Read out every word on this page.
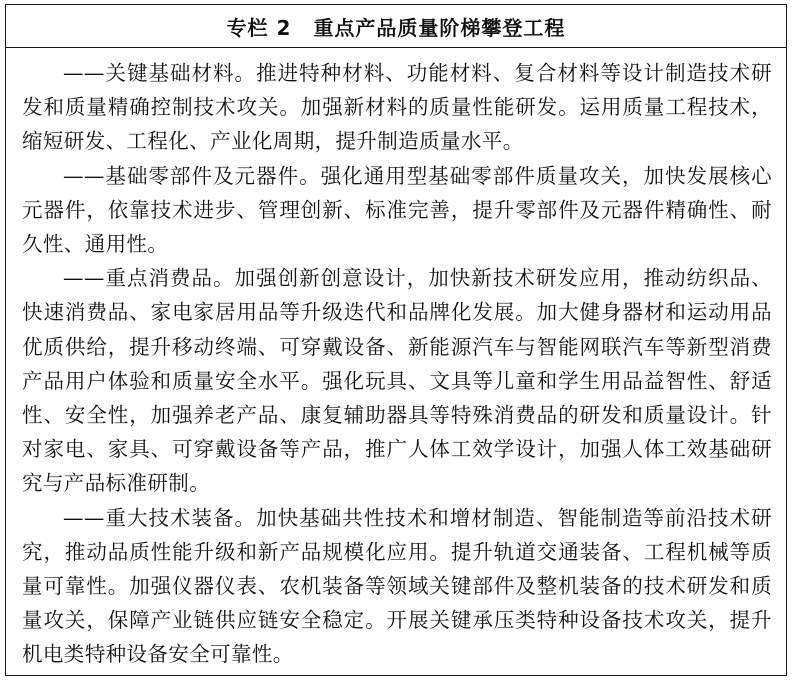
专栏 2 重点产品质量阶梯攀登工程

——关键基础材料。推进特种材料、功能材料、复合材料等设计制造技术研发和质量精确控制技术攻关。加强新材料的质量性能研发。运用质量工程技术，缩短研发、工程化、产业化周期，提升制造质量水平。

——基础零部件及元器件。强化通用型基础零部件质量攻关，加快发展核心元器件，依靠技术进步、管理创新、标准完善，提升零部件及元器件精确性、耐久性、通用性。

——重点消费品。加强创新创意设计，加快新技术研发应用，推动纺织品、快速消费品、家电家居用品等升级迭代和品牌化发展。加大健身器材和运动用品优质供给，提升移动终端、可穿戴设备、新能源汽车与智能网联汽车等新型消费产品用户体验和质量安全水平。强化玩具、文具等儿童和学生用品益智性、舒适性、安全性，加强养老产品、康复辅助器具等特殊消费品的研发和质量设计。针对家电、家具、可穿戴设备等产品，推广人体工效学设计，加强人体工效基础研究与产品标准研制。

——重大技术装备。加快基础共性技术和增材制造、智能制造等前沿技术研究，推动品质性能升级和新产品规模化应用。提升轨道交通装备、工程机械等质量可靠性。加强仪器仪表、农机装备等领域关键部件及整机装备的技术研发和质量攻关，保障产业链供应链安全稳定。开展关键承压类特种设备技术攻关，提升机电类特种设备安全可靠性。
